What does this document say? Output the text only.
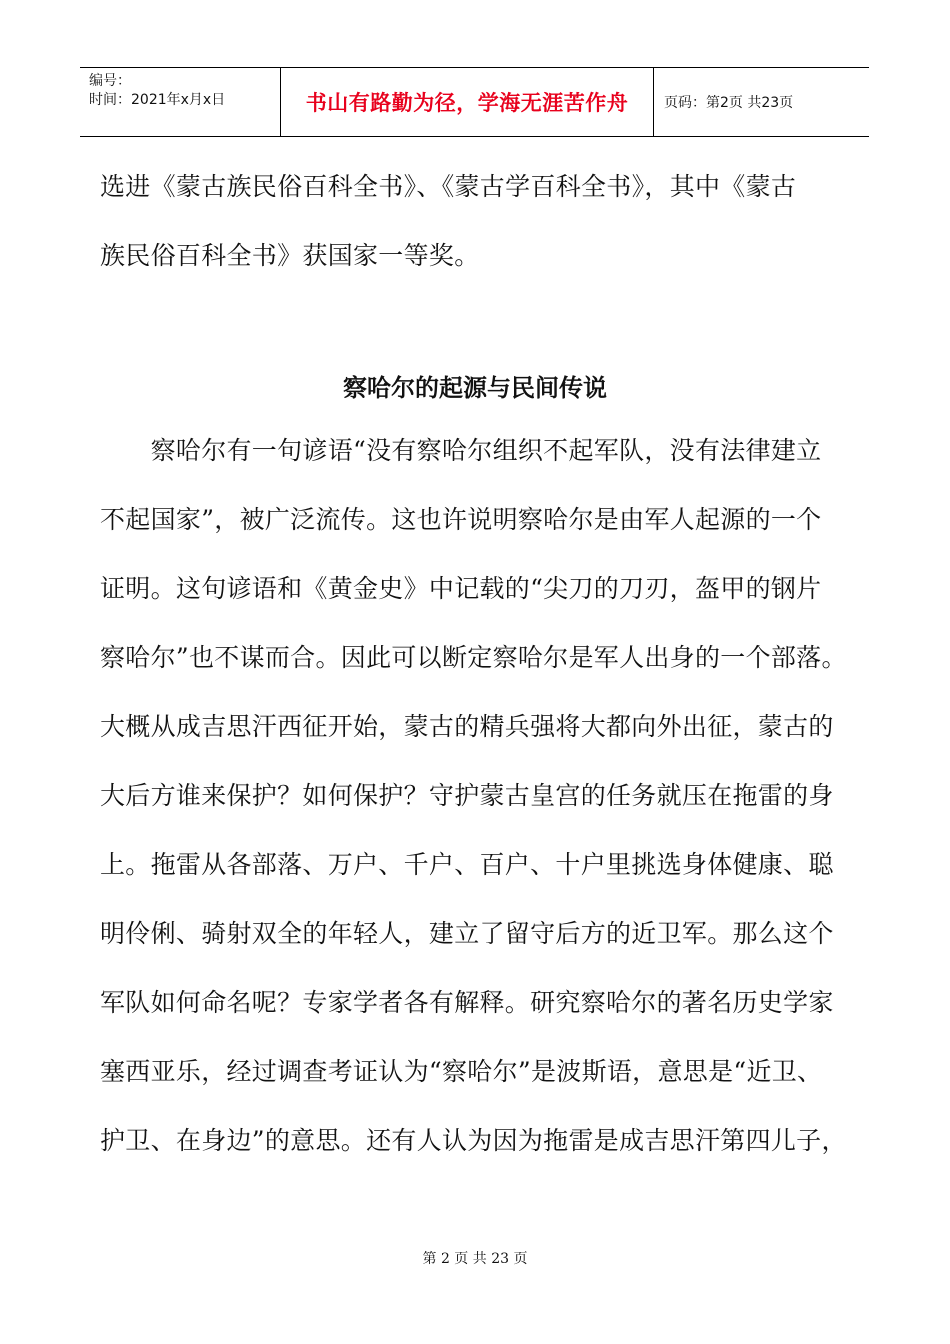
编号：
时间：2021年x月x日	书山有路勤为径，学海无涯苦作舟	页码：第2页 共23页
选进《蒙古族民俗百科全书》、《蒙古学百科全书》，其中《蒙古
族民俗百科全书》获国家一等奖。
察哈尔的起源与民间传说
　　察哈尔有一句谚语“没有察哈尔组织不起军队，没有法律建立
不起国家”，被广泛流传。这也许说明察哈尔是由军人起源的一个
证明。这句谚语和《黄金史》中记载的“尖刀的刀刃，盔甲的钢片
察哈尔”也不谋而合。因此可以断定察哈尔是军人出身的一个部落。
大概从成吉思汗西征开始，蒙古的精兵强将大都向外出征，蒙古的
大后方谁来保护？如何保护？守护蒙古皇宫的任务就压在拖雷的身
上。拖雷从各部落、万户、千户、百户、十户里挑选身体健康、聪
明伶俐、骑射双全的年轻人，建立了留守后方的近卫军。那么这个
军队如何命名呢？专家学者各有解释。研究察哈尔的著名历史学家
塞西亚乐，经过调查考证认为“察哈尔”是波斯语，意思是“近卫、
护卫、在身边”的意思。还有人认为因为拖雷是成吉思汗第四儿子，
第 2 页 共 23 页
